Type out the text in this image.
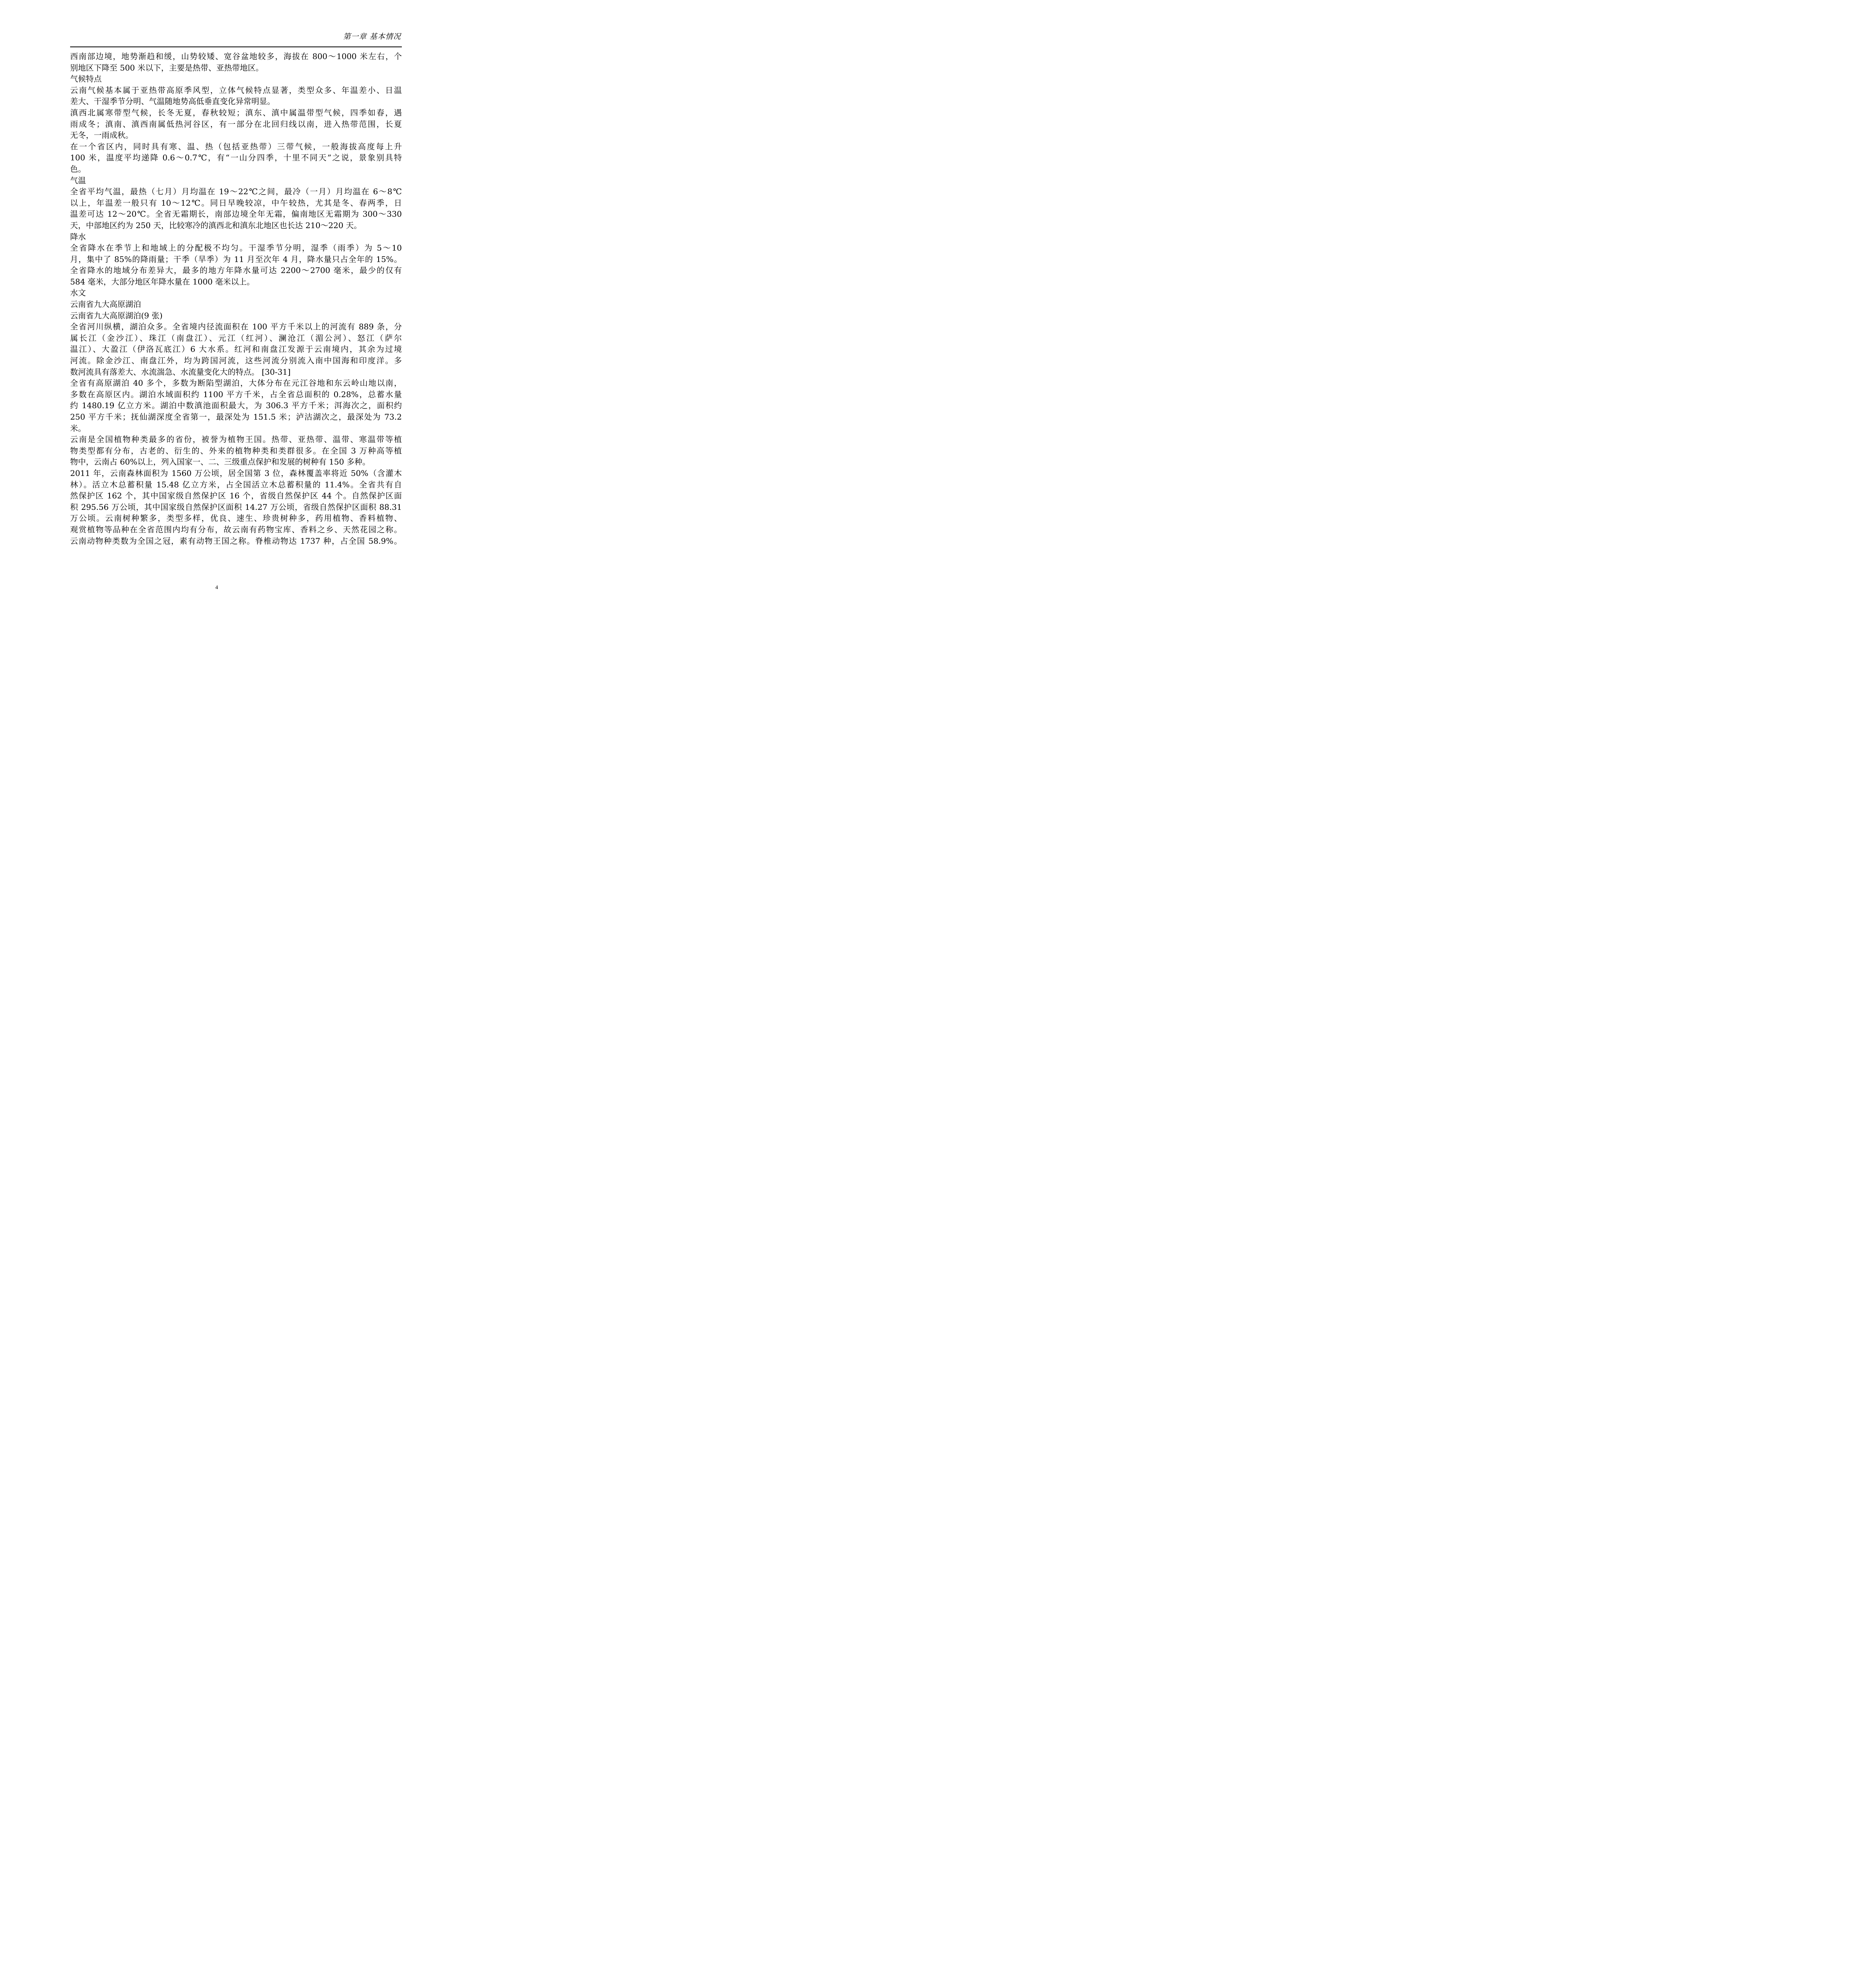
第一章 基本情况
西南部边境，地势渐趋和缓，山势较矮、宽谷盆地较多，海拔在 800～1000 米左右，个
别地区下降至 500 米以下，主要是热带、亚热带地区。
气候特点
云南气候基本属于亚热带高原季风型，立体气候特点显著，类型众多、年温差小、日温
差大、干湿季节分明、气温随地势高低垂直变化异常明显。
滇西北属寒带型气候，长冬无夏，春秋较短；滇东、滇中属温带型气候，四季如春，遇
雨成冬；滇南、滇西南属低热河谷区，有一部分在北回归线以南，进入热带范围，长夏
无冬，一雨成秋。
在一个省区内，同时具有寒、温、热（包括亚热带）三带气候，一般海拔高度每上升
100 米，温度平均递降 0.6～0.7℃，有“一山分四季，十里不同天”之说，景象别具特
色。
气温
全省平均气温，最热（七月）月均温在 19～22℃之间，最冷（一月）月均温在 6～8℃
以上，年温差一般只有 10～12℃。同日早晚较凉，中午较热，尤其是冬、春两季，日
温差可达 12～20℃。全省无霜期长，南部边境全年无霜，偏南地区无霜期为 300～330
天，中部地区约为 250 天，比较寒冷的滇西北和滇东北地区也长达 210～220 天。
降水
全省降水在季节上和地域上的分配极不均匀。干湿季节分明，湿季（雨季）为 5～10
月，集中了 85%的降雨量；干季（旱季）为 11 月至次年 4 月，降水量只占全年的 15%。
全省降水的地域分布差异大，最多的地方年降水量可达 2200～2700 毫米，最少的仅有
584 毫米，大部分地区年降水量在 1000 毫米以上。
水文
云南省九大高原湖泊
云南省九大高原湖泊(9 张)
全省河川纵横，湖泊众多。全省境内径流面积在 100 平方千米以上的河流有 889 条，分
属长江（金沙江）、珠江（南盘江）、元江（红河）、澜沧江（湄公河）、怒江（萨尔
温江）、大盈江（伊洛瓦底江）6 大水系。红河和南盘江发源于云南境内，其余为过境
河流。除金沙江、南盘江外，均为跨国河流，这些河流分别流入南中国海和印度洋。多
数河流具有落差大、水流湍急、水流量变化大的特点。 [30-31]
全省有高原湖泊 40 多个，多数为断陷型湖泊，大体分布在元江谷地和东云岭山地以南，
多数在高原区内。湖泊水域面积约 1100 平方千米，占全省总面积的 0.28%，总蓄水量
约 1480.19 亿立方米。湖泊中数滇池面积最大，为 306.3 平方千米；洱海次之，面积约
250 平方千米；抚仙湖深度全省第一，最深处为 151.5 米；泸沽湖次之，最深处为 73.2
米。
云南是全国植物种类最多的省份，被誉为植物王国。热带、亚热带、温带、寒温带等植
物类型都有分布，古老的、衍生的、外来的植物种类和类群很多。在全国 3 万种高等植
物中，云南占 60%以上，列入国家一、二、三级重点保护和发展的树种有 150 多种。
2011 年，云南森林面积为 1560 万公顷，居全国第 3 位，森林覆盖率将近 50%（含灌木
林）。活立木总蓄积量 15.48 亿立方米，占全国活立木总蓄积量的 11.4%。全省共有自
然保护区 162 个，其中国家级自然保护区 16 个，省级自然保护区 44 个。自然保护区面
积 295.56 万公顷，其中国家级自然保护区面积 14.27 万公顷，省级自然保护区面积 88.31
万公顷。云南树种繁多，类型多样，优良、速生、珍贵树种多，药用植物、香料植物、
观赏植物等品种在全省范围内均有分布，故云南有药物宝库、香料之乡、天然花园之称。
云南动物种类数为全国之冠，素有动物王国之称。脊椎动物达 1737 种，占全国 58.9%。
4
